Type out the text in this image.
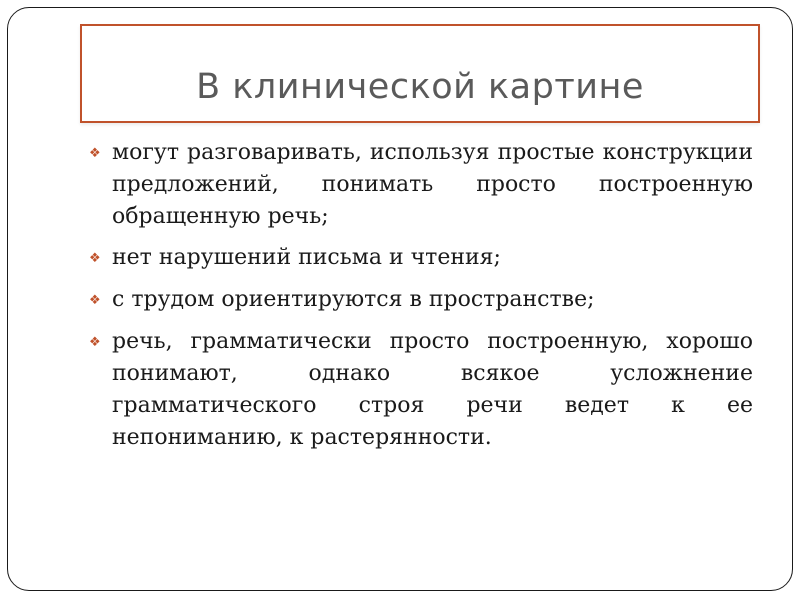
В клинической картине
❖ могут разговаривать, используя простые конструкции предложений, понимать просто построенную обращенную речь;
❖ нет нарушений письма и чтения;
❖ с трудом ориентируются в пространстве;
❖ речь, грамматически просто построенную, хорошо понимают, однако всякое усложнение грамматического строя речи ведет к ее непониманию, к растерянности.
